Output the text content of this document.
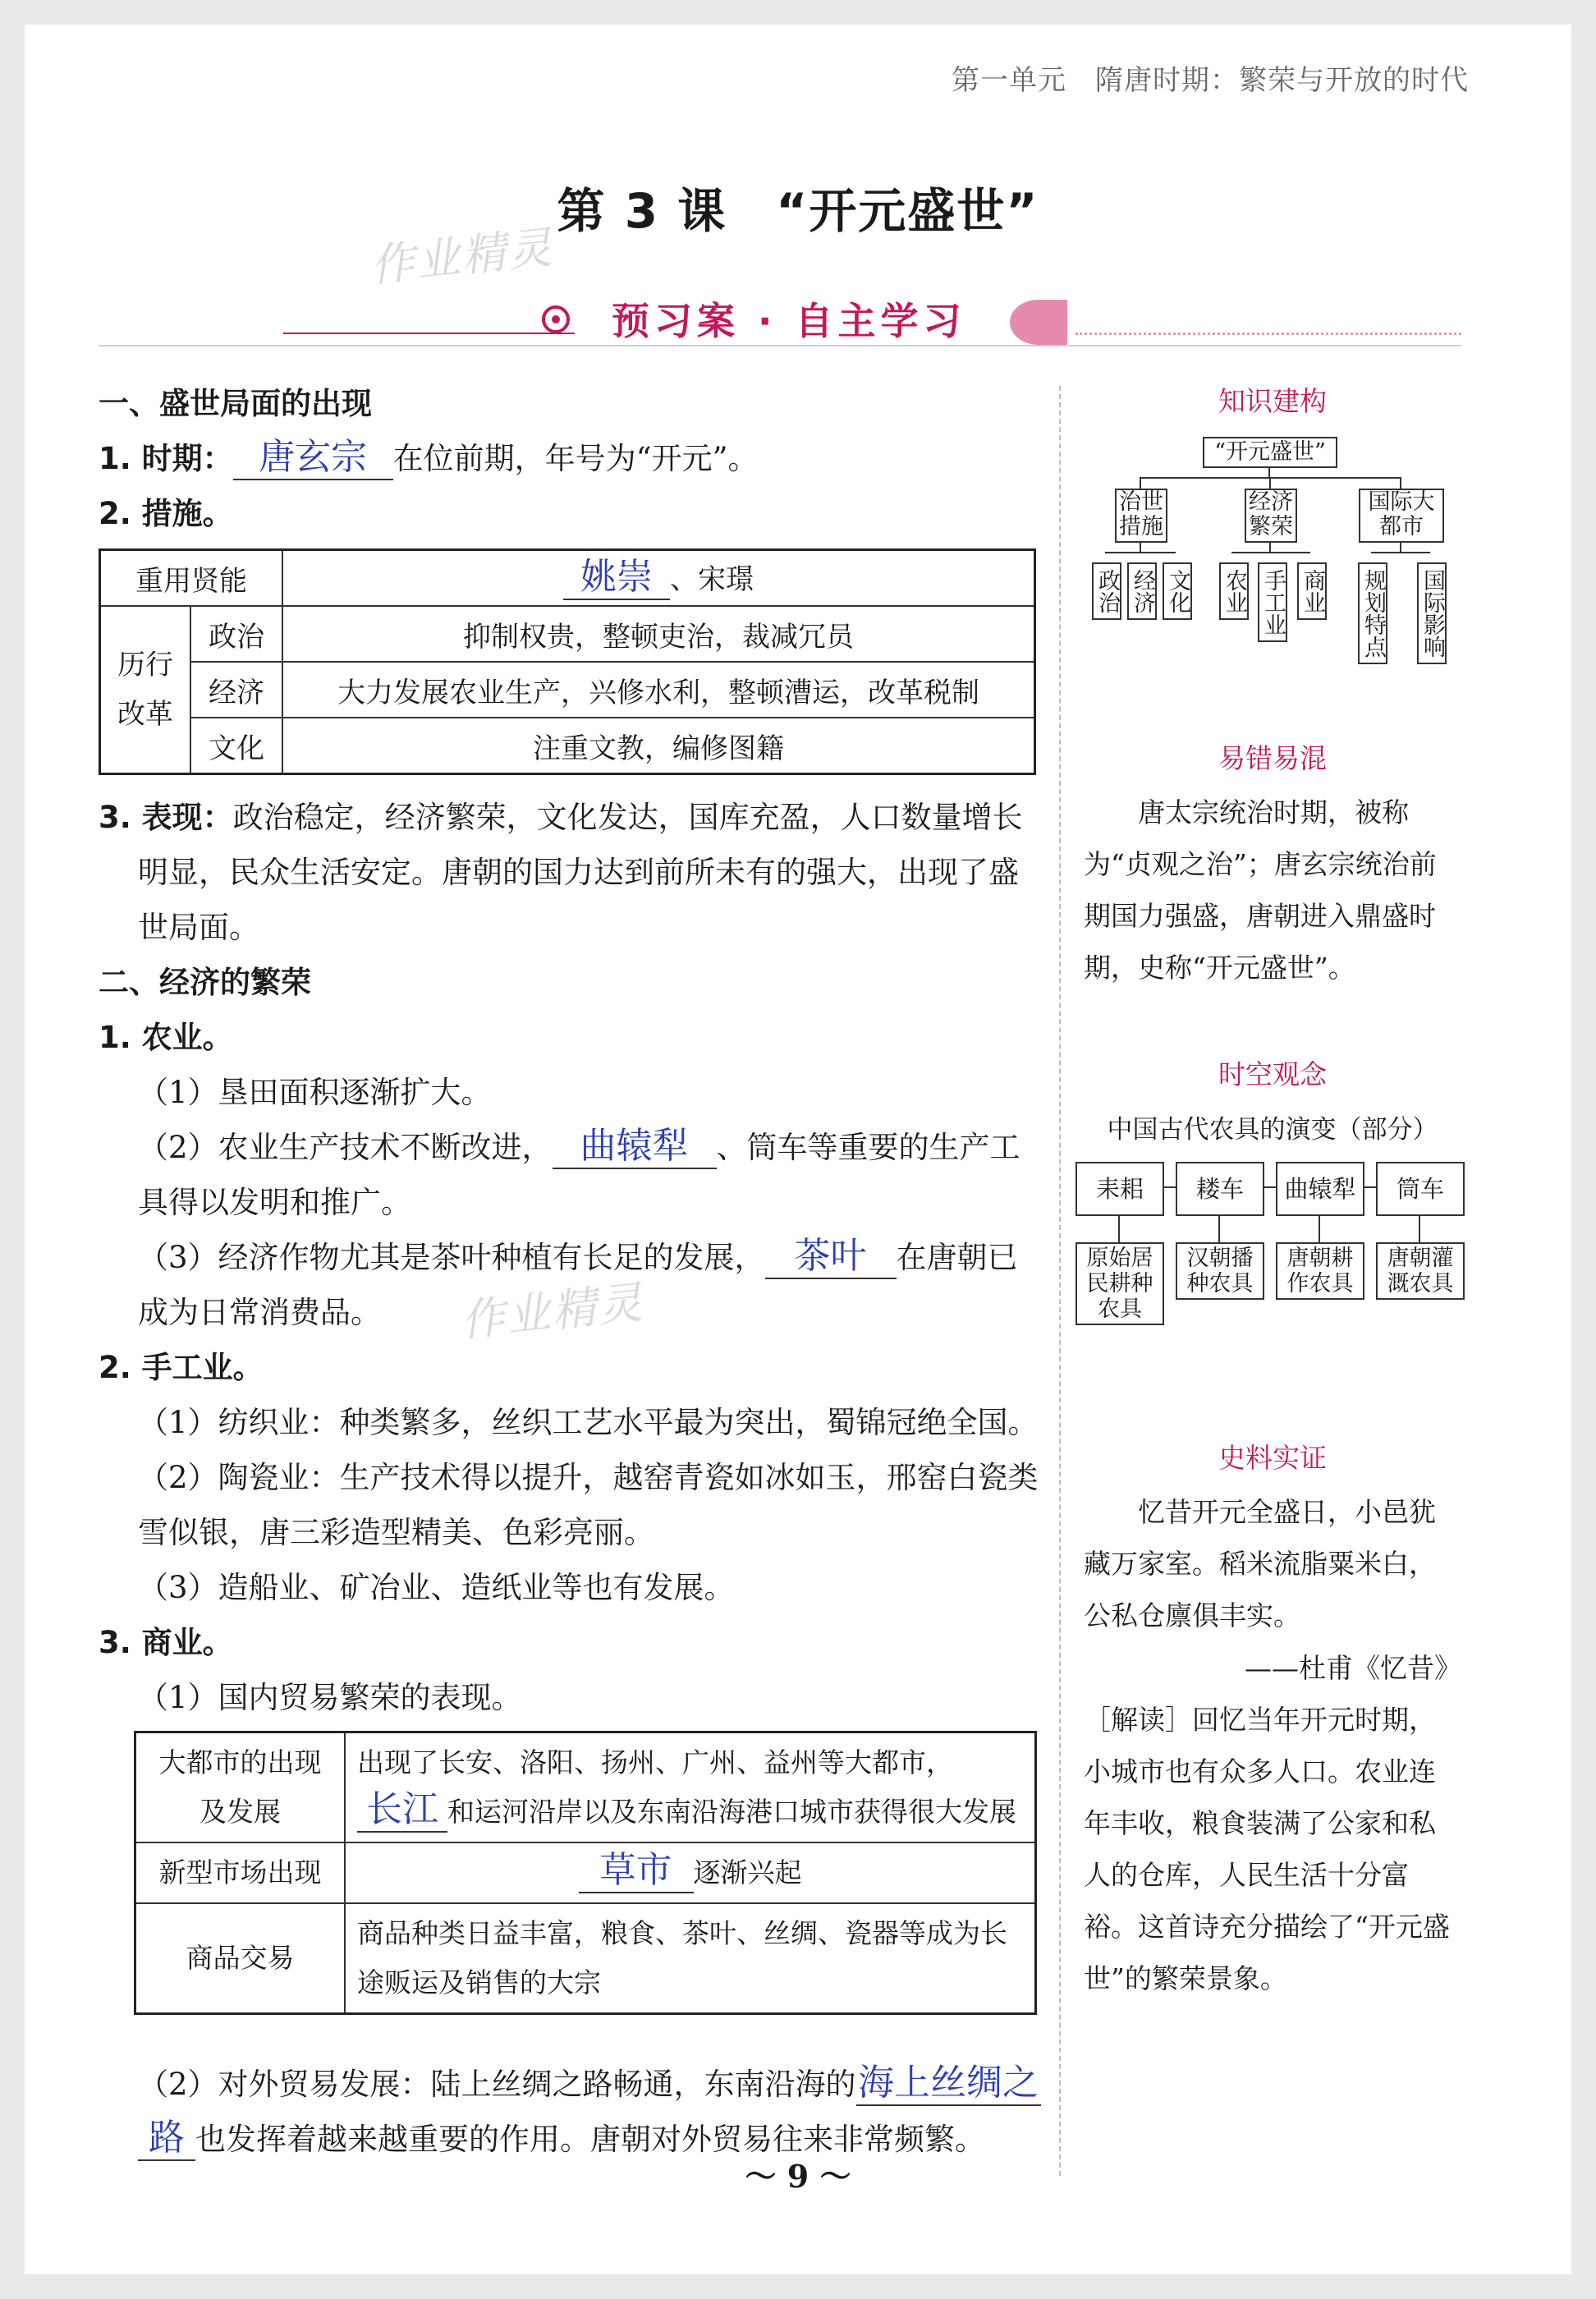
第一单元　隋唐时期：繁荣与开放的时代
作业精灵
作业精灵
第 3 课　“开元盛世”
预习案 · 自主学习

一、盛世局面的出现

1. 时期： 唐玄宗 在位前期，年号为“开元”。

2. 措施。

重用贤能		姚崇 、宋璟
历行改革	政治	抑制权贵，整顿吏治，裁减冗员
	经济	大力发展农业生产，兴修水利，整顿漕运，改革税制
	文化	注重文教，编修图籍

3. 表现：政治稳定，经济繁荣，文化发达，国库充盈，人口数量增长明显，民众生活安定。唐朝的国力达到前所未有的强大，出现了盛世局面。

二、经济的繁荣

1. 农业。

（1）垦田面积逐渐扩大。

（2）农业生产技术不断改进， 曲辕犁 、筒车等重要的生产工具得以发明和推广。

（3）经济作物尤其是茶叶种植有长足的发展， 茶叶 在唐朝已成为日常消费品。

2. 手工业。

（1）纺织业：种类繁多，丝织工艺水平最为突出，蜀锦冠绝全国。

（2）陶瓷业：生产技术得以提升，越窑青瓷如冰如玉，邢窑白瓷类雪似银，唐三彩造型精美、色彩亮丽。

（3）造船业、矿冶业、造纸业等也有发展。

3. 商业。

（1）国内贸易繁荣的表现。

大都市的出现及发展	出现了长安、洛阳、扬州、广州、益州等大都市，长江 和运河沿岸以及东南沿海港口城市获得很大发展
新型市场出现	草市 逐渐兴起
商品交易	商品种类日益丰富，粮食、茶叶、丝绸、瓷器等成为长途贩运及销售的大宗

（2）对外贸易发展：陆上丝绸之路畅通，东南沿海的海上丝绸之
路 也发挥着越来越重要的作用。唐朝对外贸易往来非常频繁。

知识建构
“开元盛世”
治世措施
经济繁荣
国际大都市
政治 经济 文化 农业 手工业 商业 规划特点 国际影响
易错易混
唐太宗统治时期，被称为“贞观之治”；唐玄宗统治前期国力强盛，唐朝进入鼎盛时期，史称“开元盛世”。
时空观念
中国古代农具的演变（部分）
耒耜	耧车	曲辕犁	筒车
原始居民耕种农具
汉朝播种农具
唐朝耕作农具
唐朝灌溉农具
史料实证
忆昔开元全盛日，小邑犹藏万家室。稻米流脂粟米白，公私仓廪俱丰实。
——杜甫《忆昔》
［解读］回忆当年开元时期，小城市也有众多人口。农业连年丰收，粮食装满了公家和私人的仓库，人民生活十分富裕。这首诗充分描绘了“开元盛世”的繁荣景象。
～ 9 ～
